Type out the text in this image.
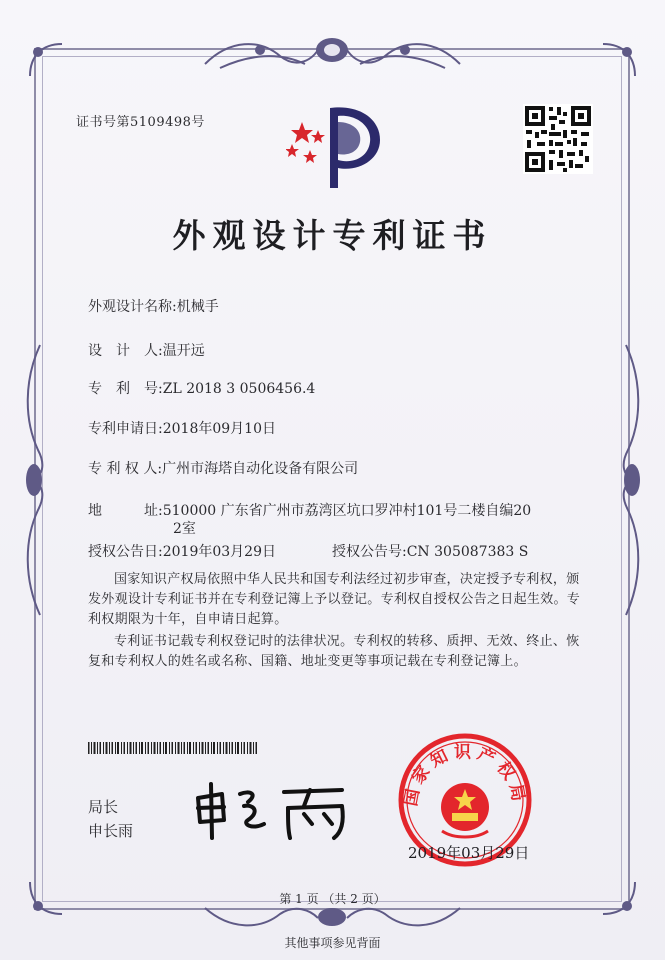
证书号第5109498号
外观设计专利证书
外观设计名称:机械手
设　计　人:温开远
专　利　号:ZL 2018 3 0506456.4
专利申请日:2018年09月10日
专 利 权 人:广州市海塔自动化设备有限公司
地　　　址:510000 广东省广州市荔湾区坑口罗冲村101号二楼自编20
2室
授权公告日:2019年03月29日	授权公告号:CN 305087383 S
国家知识产权局依照中华人民共和国专利法经过初步审查，决定授予专利权，颁发外观设计专利证书并在专利登记簿上予以登记。专利权自授权公告之日起生效。专利权期限为十年，自申请日起算。
专利证书记载专利权登记时的法律状况。专利权的转移、质押、无效、终止、恢复和专利权人的姓名或名称、国籍、地址变更等事项记载在专利登记簿上。
局长
申长雨
国家知识产权局
2019年03月29日
第 1 页 （共 2 页）
其他事项参见背面
